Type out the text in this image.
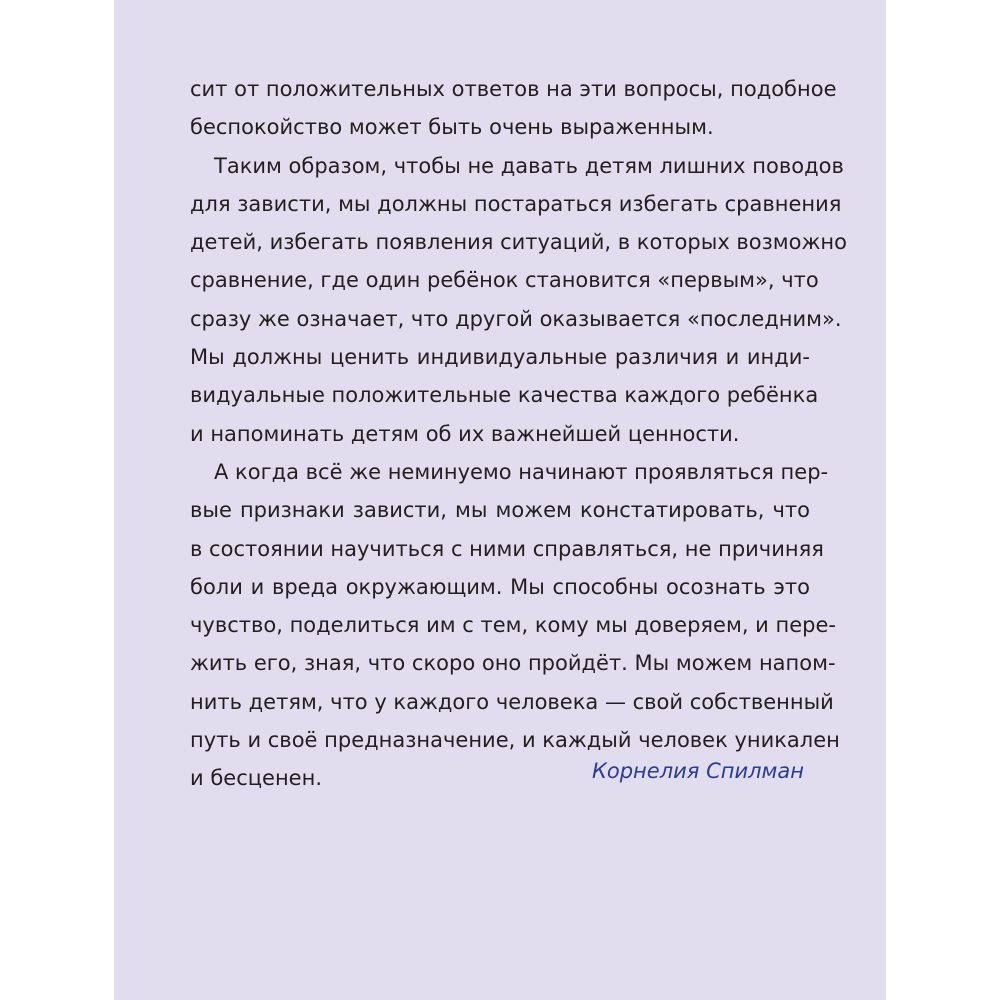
сит от положительных ответов на эти вопросы, подобное
беспокойство может быть очень выраженным.
Таким образом, чтобы не давать детям лишних поводов
для зависти, мы должны постараться избегать сравнения
детей, избегать появления ситуаций, в которых возможно
сравнение, где один ребёнок становится «первым», что
сразу же означает, что другой оказывается «последним».
Мы должны ценить индивидуальные различия и инди-
видуальные положительные качества каждого ребёнка
и напоминать детям об их важнейшей ценности.
А когда всё же неминуемо начинают проявляться пер-
вые признаки зависти, мы можем констатировать, что
в состоянии научиться с ними справляться, не причиняя
боли и вреда окружающим. Мы способны осознать это
чувство, поделиться им с тем, кому мы доверяем, и пере-
жить его, зная, что скоро оно пройдёт. Мы можем напом-
нить детям, что у каждого человека — свой собственный
путь и своё предназначение, и каждый человек уникален
и бесценен.	Корнелия Спилман
